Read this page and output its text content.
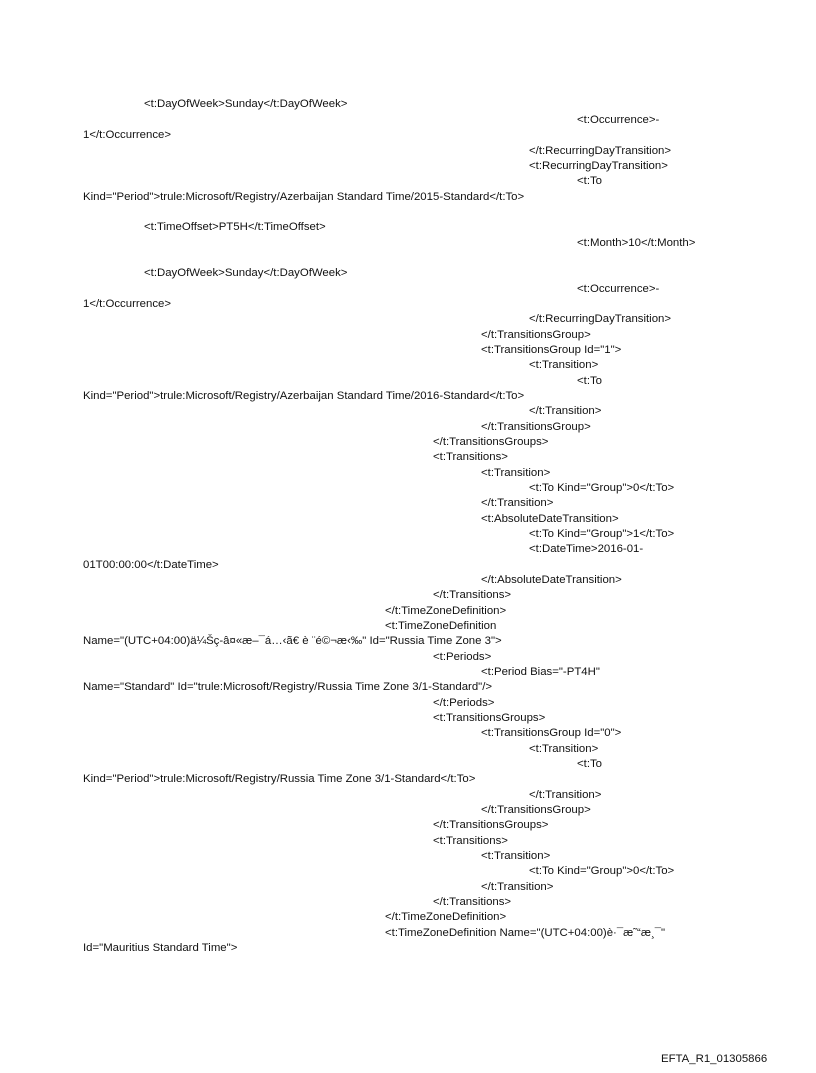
<t:DayOfWeek>Sunday</t:DayOfWeek>
<t:Occurrence>-
1</t:Occurrence>
</t:RecurringDayTransition>
<t:RecurringDayTransition>
<t:To
Kind="Period">trule:Microsoft/Registry/Azerbaijan Standard Time/2015-Standard</t:To>
<t:TimeOffset>PT5H</t:TimeOffset>
<t:Month>10</t:Month>
<t:DayOfWeek>Sunday</t:DayOfWeek>
<t:Occurrence>-
1</t:Occurrence>
</t:RecurringDayTransition>
</t:TransitionsGroup>
<t:TransitionsGroup Id="1">
<t:Transition>
<t:To
Kind="Period">trule:Microsoft/Registry/Azerbaijan Standard Time/2016-Standard</t:To>
</t:Transition>
</t:TransitionsGroup>
</t:TransitionsGroups>
<t:Transitions>
<t:Transition>
<t:To Kind="Group">0</t:To>
</t:Transition>
<t:AbsoluteDateTransition>
<t:To Kind="Group">1</t:To>
<t:DateTime>2016-01-
01T00:00:00</t:DateTime>
</t:AbsoluteDateTransition>
</t:Transitions>
</t:TimeZoneDefinition>
<t:TimeZoneDefinition
Name="(UTC+04:00)ä¼Šç-â¤«æ–¯á…‹ã€ è ¨é©¬æ‹‰" Id="Russia Time Zone 3">
<t:Periods>
<t:Period Bias="-PT4H"
Name="Standard" Id="trule:Microsoft/Registry/Russia Time Zone 3/1-Standard"/>
</t:Periods>
<t:TransitionsGroups>
<t:TransitionsGroup Id="0">
<t:Transition>
<t:To
Kind="Period">trule:Microsoft/Registry/Russia Time Zone 3/1-Standard</t:To>
</t:Transition>
</t:TransitionsGroup>
</t:TransitionsGroups>
<t:Transitions>
<t:Transition>
<t:To Kind="Group">0</t:To>
</t:Transition>
</t:Transitions>
</t:TimeZoneDefinition>
<t:TimeZoneDefinition Name="(UTC+04:00)è·¯æ˜“æ¸¯"
Id="Mauritius Standard Time">
EFTA_R1_01305866
